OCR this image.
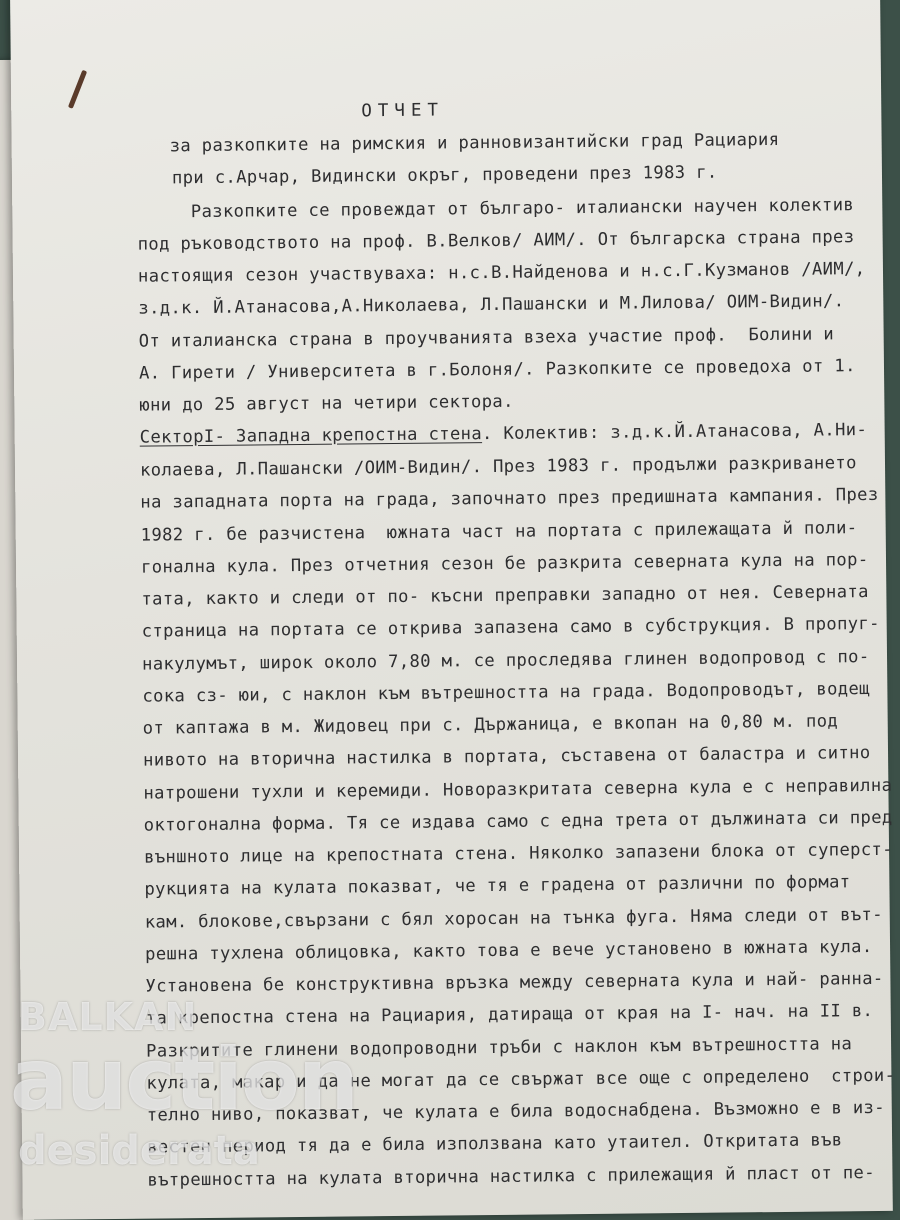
ОТЧЕТ
за разкопките на римския и ранновизантийски град Рациария
при с.Арчар, Видински окръг, проведени през 1983 г.
Разкопките се провеждат от българо- италиански научен колектив
под ръководството на проф. В.Велков/ АИМ/. От българска страна през
настоящия сезон участвуваха: н.с.В.Найденова и н.с.Г.Кузманов /АИМ/,
з.д.к. Й.Атанасова,А.Николаева, Л.Пашански и М.Лилова/ ОИМ-Видин/.
От италианска страна в проучванията взеха участие проф.  Болини и
А. Гирети / Университета в г.Болоня/. Разкопките се проведоха от 1.
юни до 25 август на четири сектора.
СекторI- Западна крепостна стена. Колектив: з.д.к.Й.Атанасова, А.Ни-
колаева, Л.Пашански /ОИМ-Видин/. През 1983 г. продължи разкриването
на западната порта на града, започнато през предишната кампания. През
1982 г. бе разчистена  южната част на портата с прилежащата й поли-
гонална кула. През отчетния сезон бе разкрита северната кула на пор-
тата, както и следи от по- късни преправки западно от нея. Северната
страница на портата се открива запазена само в субструкция. В пропуг-
накулумът, широк около 7,80 м. се проследява глинен водопровод с по-
сока сз- юи, с наклон към вътрешността на града. Водопроводът, водещ
от каптажа в м. Жидовец при с. Държаница, е вкопан на 0,80 м. под
нивото на вторична настилка в портата, съставена от баластра и ситно
натрошени тухли и керемиди. Новоразкритата северна кула е с неправилна
октогонална форма. Тя се издава само с една трета от дължината си пред
външното лице на крепостната стена. Няколко запазени блока от суперст-
рукцията на кулата показват, че тя е градена от различни по формат
кам. блокове,свързани с бял хоросан на тънка фуга. Няма следи от вът-
решна тухлена облицовка, както това е вече установено в южната кула.
Установена бе конструктивна връзка между северната кула и най- ранна-
та крепостна стена на Рациария, датираща от края на I- нач. на II в.
Разкритите глинени водопроводни тръби с наклон към вътрешността на
кулата, макар и да не могат да се свържат все още с определено  строи-
телно ниво, показват, че кулата е била водоснабдена. Възможно е в из-
вестен период тя да е била използвана като утаител. Откритата във
вътрешността на кулата вторична настилка с прилежащия й пласт от пе-
BALKAN
auction
desiderata
